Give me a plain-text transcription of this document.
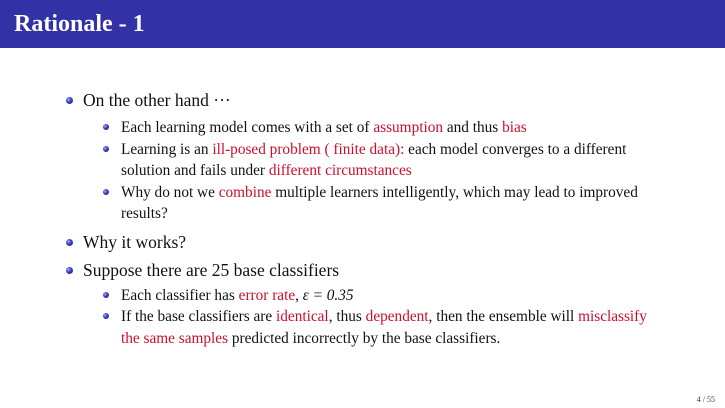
Rationale - 1
On the other hand ···
Each learning model comes with a set of assumption and thus bias
Learning is an ill-posed problem ( finite data): each model converges to a different solution and fails under different circumstances
Why do not we combine multiple learners intelligently, which may lead to improved results?
Why it works?
Suppose there are 25 base classifiers
Each classifier has error rate, ε = 0.35
If the base classifiers are identical, thus dependent, then the ensemble will misclassify the same samples predicted incorrectly by the base classifiers.
4 / 55
